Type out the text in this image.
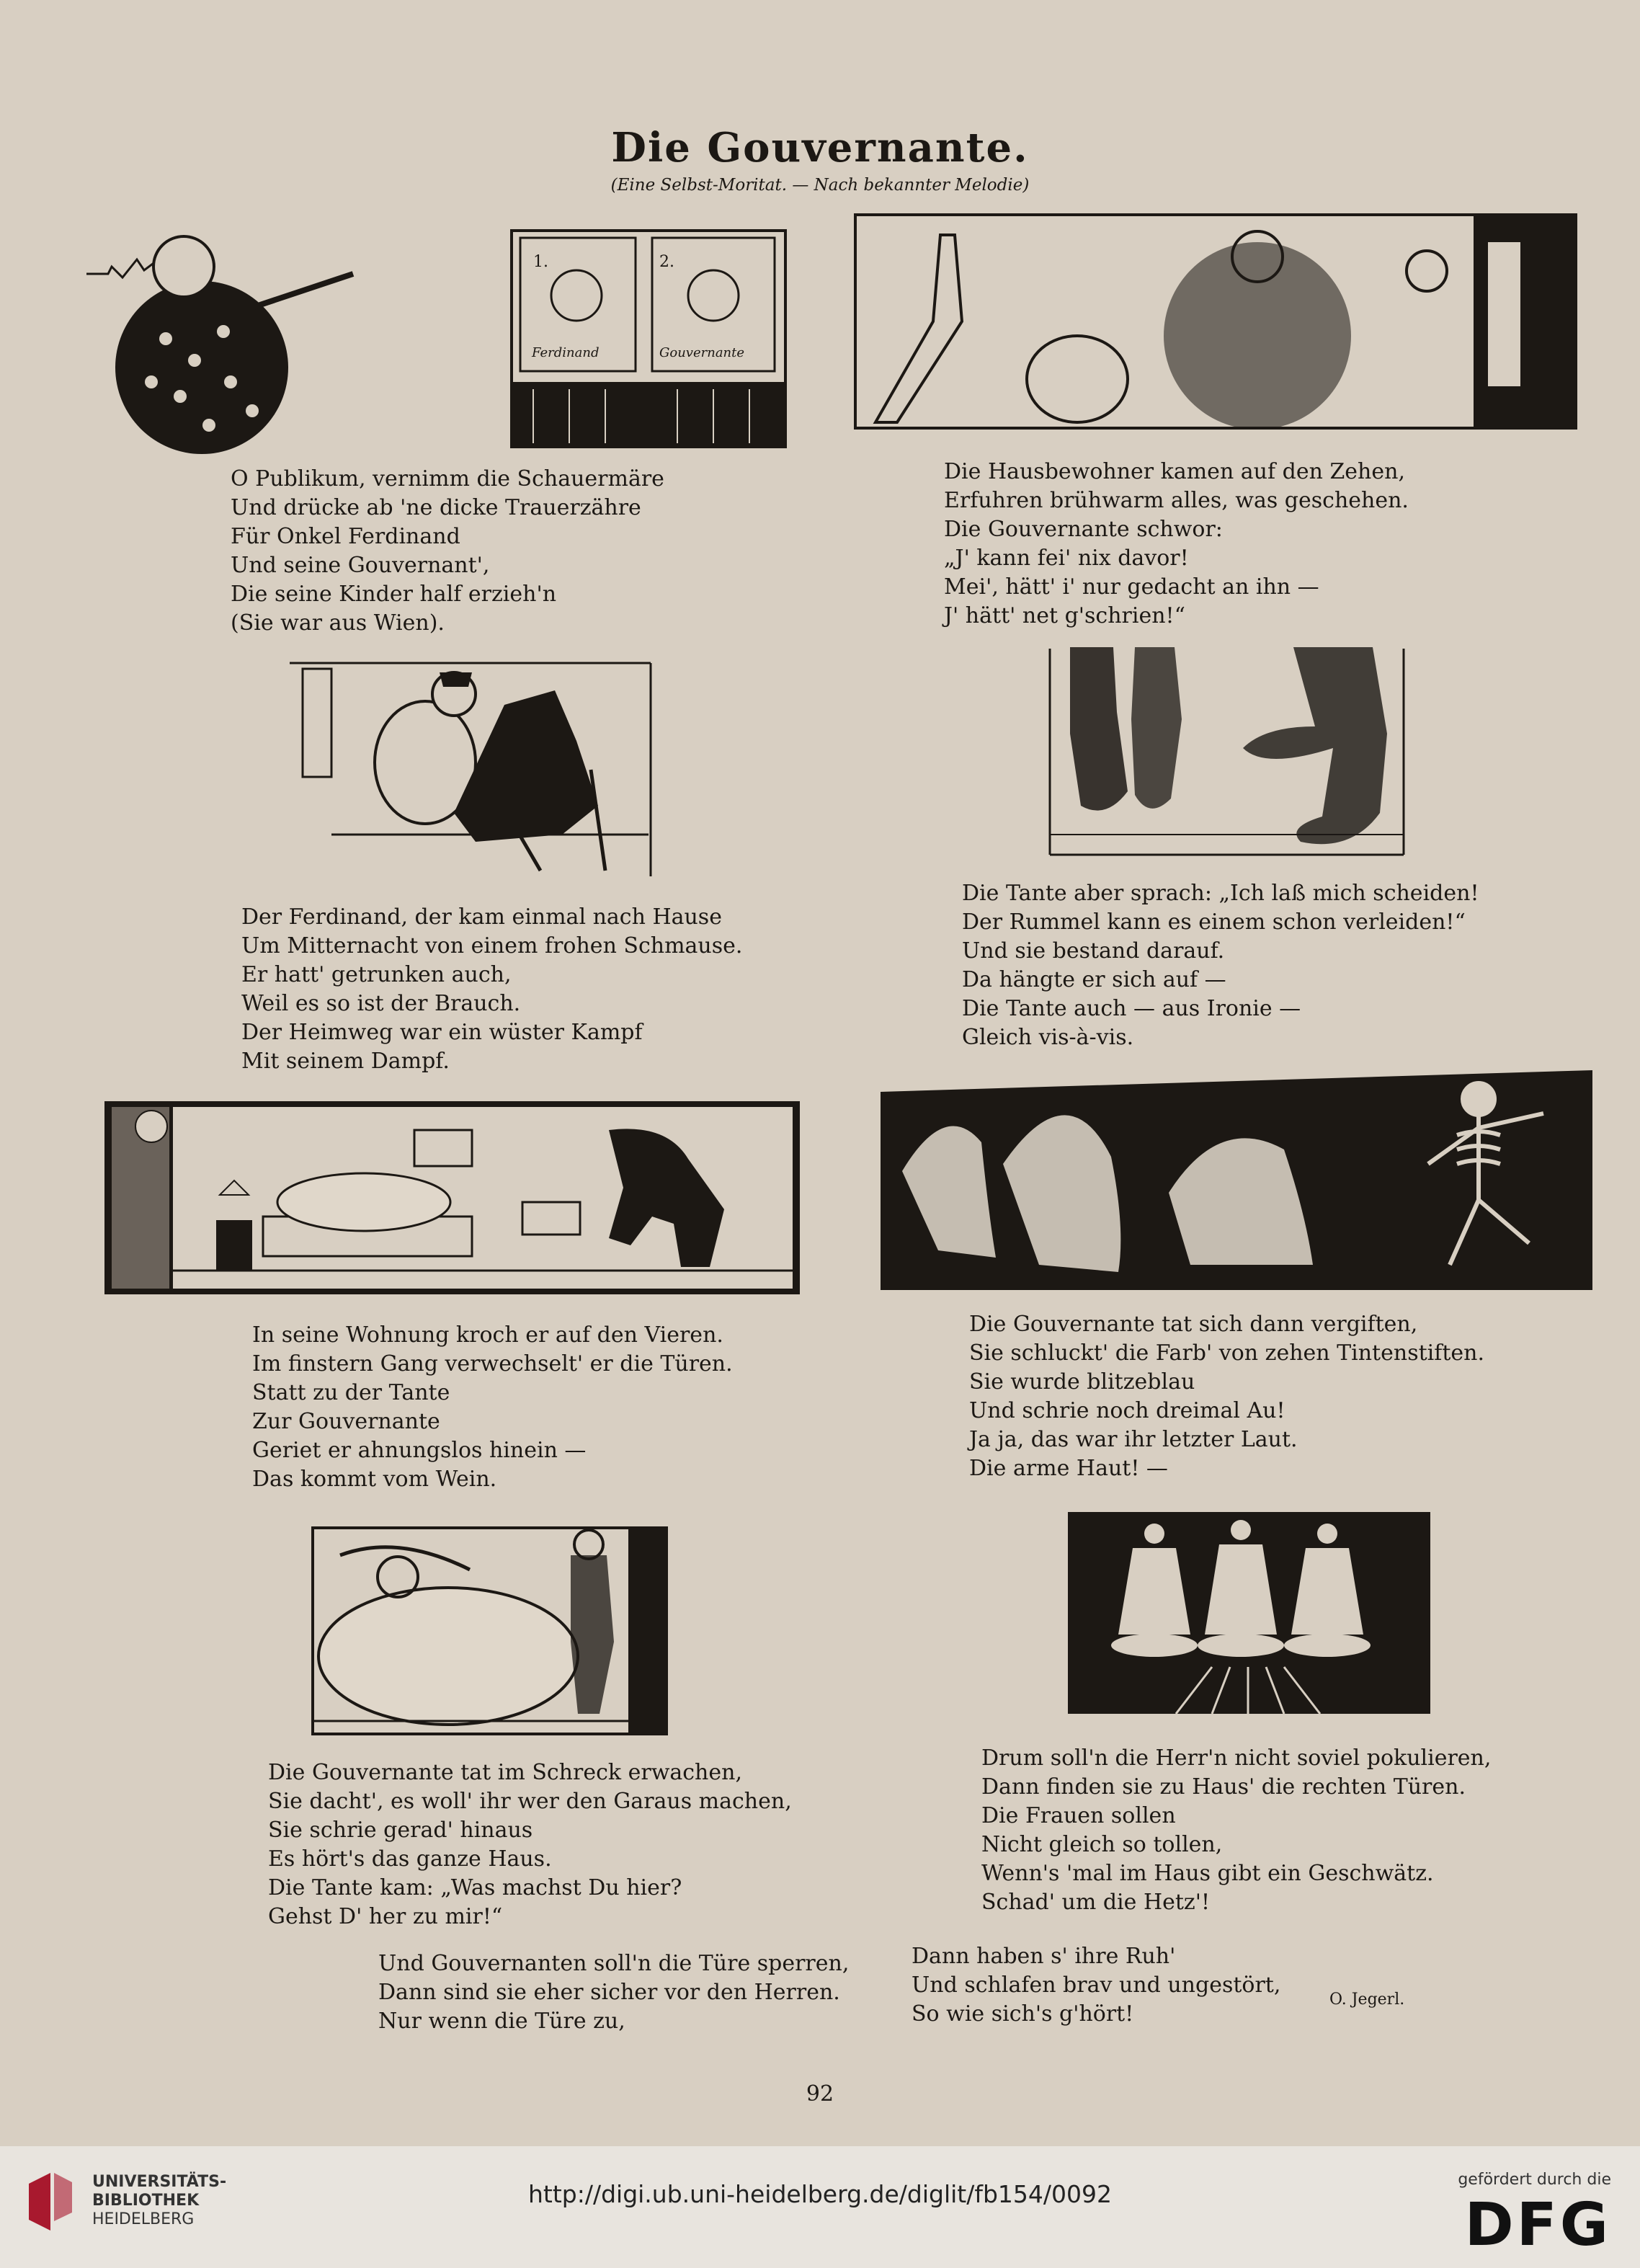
Die Gouvernante.
(Eine Selbst-Moritat. — Nach bekannter Melodie)
1.	2.
Ferdinand	Gouvernante
O Publikum, vernimm die Schauermäre
Und drücke ab 'ne dicke Trauerzähre
Für Onkel Ferdinand
Und seine Gouvernant',
Die seine Kinder half erzieh'n
(Sie war aus Wien).
Die Hausbewohner kamen auf den Zehen,
Erfuhren brühwarm alles, was geschehen.
Die Gouvernante schwor:
„J' kann fei' nix davor!
Mei', hätt' i' nur gedacht an ihn —
J' hätt' net g'schrien!“
Der Ferdinand, der kam einmal nach Hause
Um Mitternacht von einem frohen Schmause.
Er hatt' getrunken auch,
Weil es so ist der Brauch.
Der Heimweg war ein wüster Kampf
Mit seinem Dampf.
Die Tante aber sprach: „Ich laß mich scheiden!
Der Rummel kann es einem schon verleiden!“
Und sie bestand darauf.
Da hängte er sich auf —
Die Tante auch — aus Ironie —
Gleich vis-à-vis.
In seine Wohnung kroch er auf den Vieren.
Im finstern Gang verwechselt' er die Türen.
Statt zu der Tante
Zur Gouvernante
Geriet er ahnungslos hinein —
Das kommt vom Wein.
Die Gouvernante tat sich dann vergiften,
Sie schluckt' die Farb' von zehen Tintenstiften.
Sie wurde blitzeblau
Und schrie noch dreimal Au!
Ja ja, das war ihr letzter Laut.
Die arme Haut! —
Die Gouvernante tat im Schreck erwachen,
Sie dacht', es woll' ihr wer den Garaus machen,
Sie schrie gerad' hinaus
Es hört's das ganze Haus.
Die Tante kam: „Was machst Du hier?
Gehst D' her zu mir!“
Drum soll'n die Herr'n nicht soviel pokulieren,
Dann finden sie zu Haus' die rechten Türen.
Die Frauen sollen
Nicht gleich so tollen,
Wenn's 'mal im Haus gibt ein Geschwätz.
Schad' um die Hetz'!
Und Gouvernanten soll'n die Türe sperren,
Dann sind sie eher sicher vor den Herren.
Nur wenn die Türe zu,
Dann haben s' ihre Ruh'
Und schlafen brav und ungestört,
So wie sich's g'hört!
O. Jegerl.
92
UNIVERSITÄTS-
BIBLIOTHEK
HEIDELBERG
http://digi.ub.uni-heidelberg.de/diglit/fb154/0092
gefördert durch die
DFG
